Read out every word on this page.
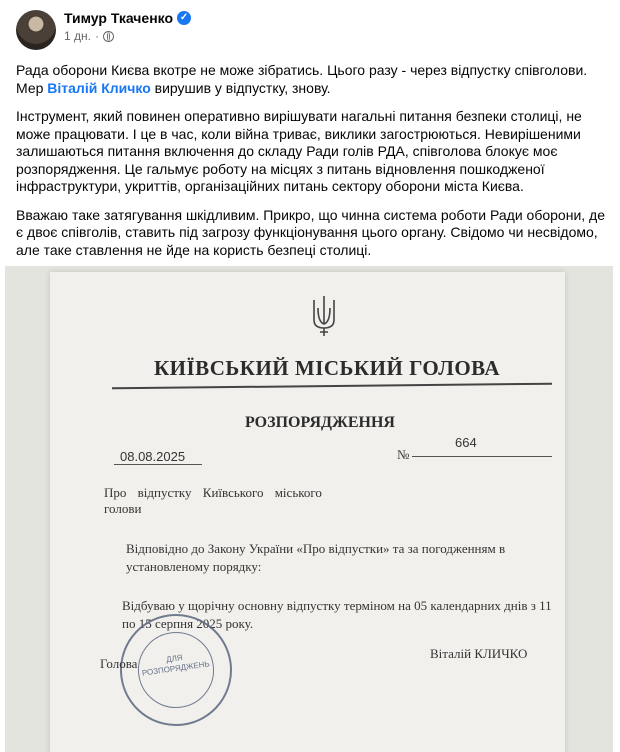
Тимур Ткаченко ✓
1 дн. ·

Рада оборони Києва вкотре не може зібратись. Цього разу - через відпустку співголови. Мер Віталій Кличко вирушив у відпустку, знову.

Інструмент, який повинен оперативно вирішувати нагальні питання безпеки столиці, не може працювати. І це в час, коли війна триває, виклики загострюються. Невирішеними залишаються питання включення до складу Ради голів РДА, співголова блокує моє розпорядження. Це гальмує роботу на місцях з питань відновлення пошкодженої інфраструктури, укриттів, організаційних питань сектору оборони міста Києва.

Вважаю таке затягування шкідливим. Прикро, що чинна система роботи Ради оборони, де є двоє співголів, ставить під загрозу функціонування цього органу. Свідомо чи несвідомо, але таке ставлення не йде на користь безпеці столиці.

КИЇВСЬКИЙ МІСЬКИЙ ГОЛОВА
РОЗПОРЯДЖЕННЯ
08.08.2025	№
664
Про відпустку Київського міського голови
Відповідно до Закону України «Про відпустки» та за погодженням в установленому порядку:
Відбуваю у щорічну основну відпустку терміном на 05 календарних днів з 11 по 15 серпня 2025 року.
ДЛЯ РОЗПОРЯДЖЕНЬ
Голова
Віталій КЛИЧКО
